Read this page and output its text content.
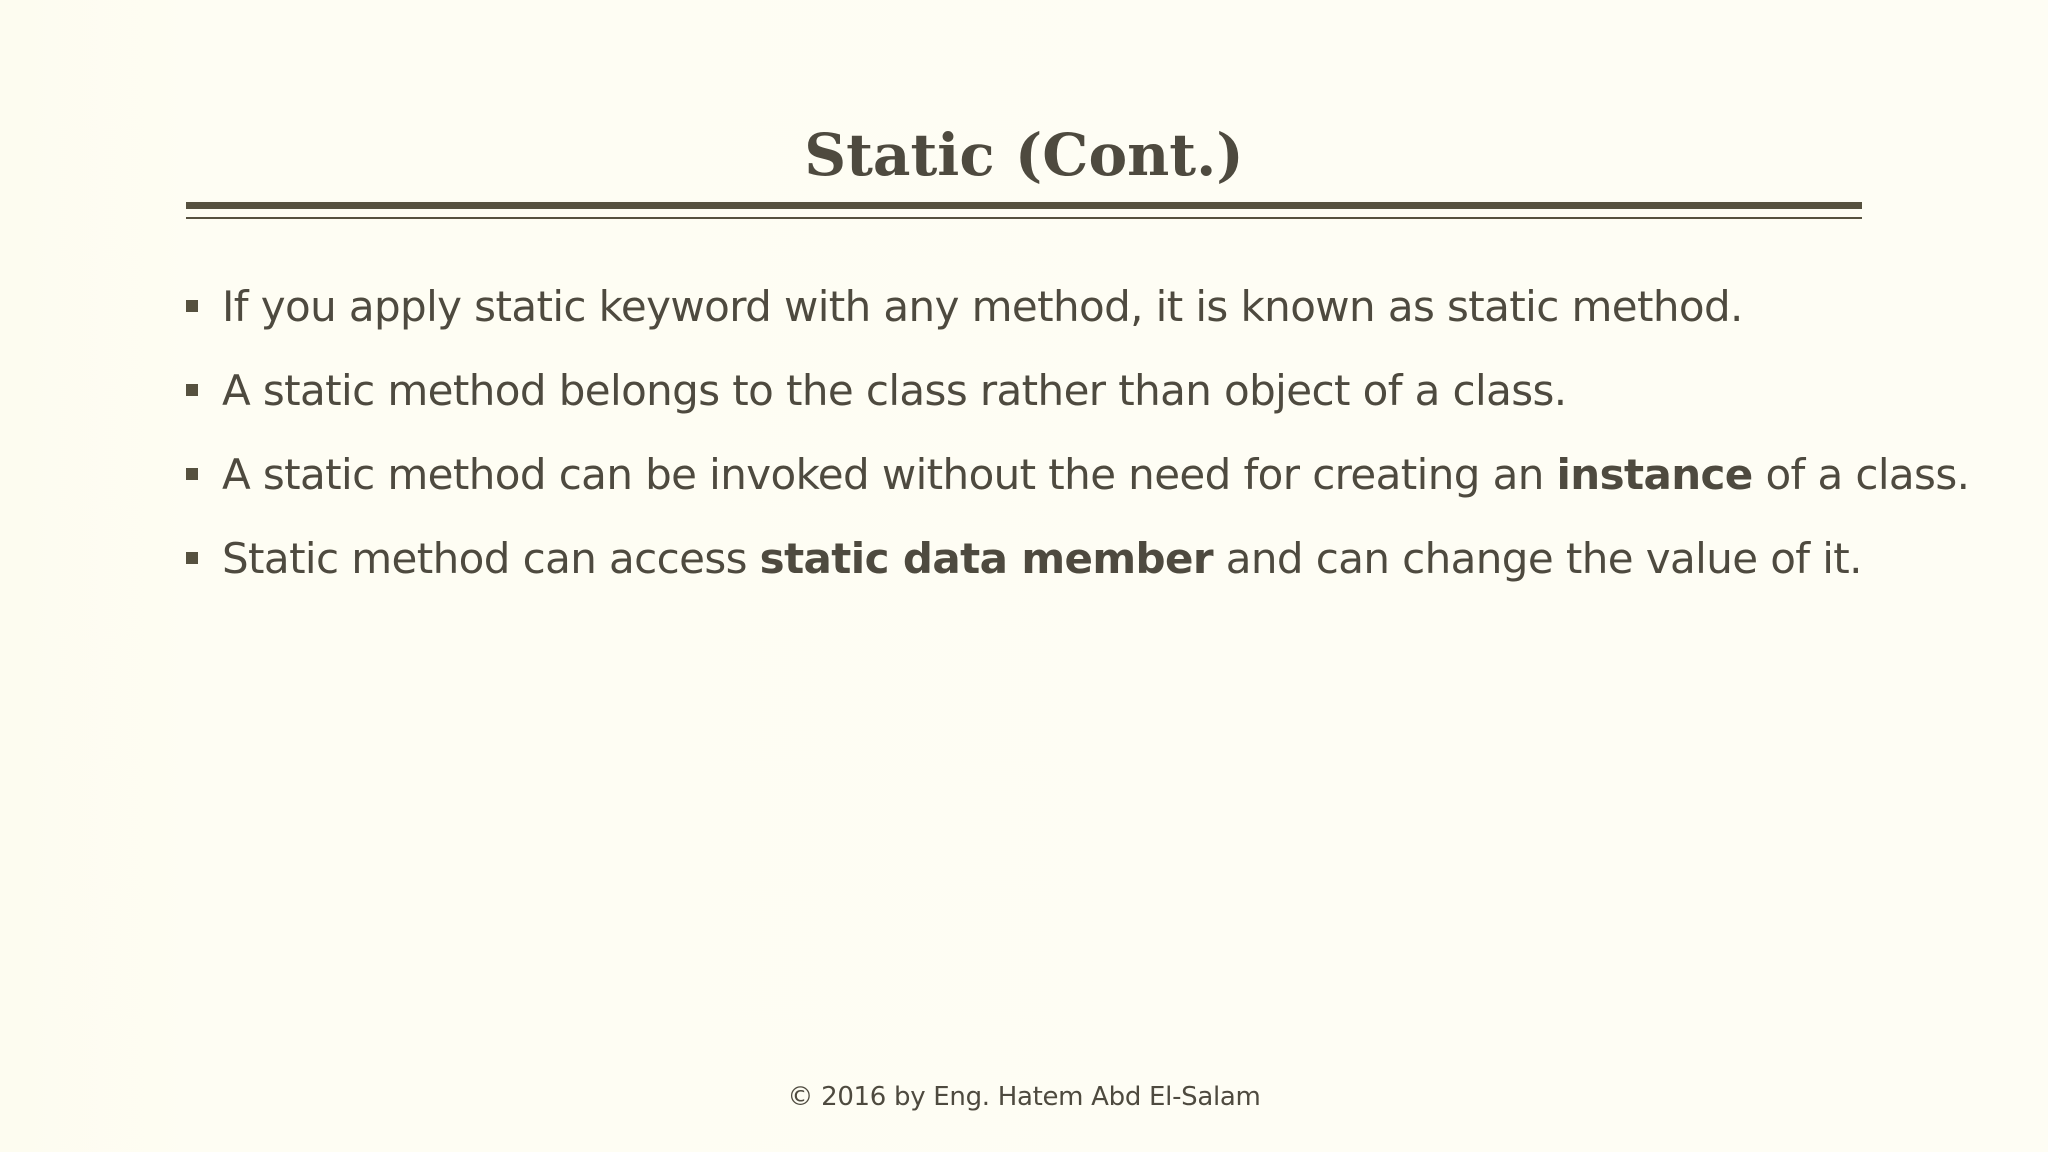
Static (Cont.)
If you apply static keyword with any method, it is known as static method.
A static method belongs to the class rather than object of a class.
A static method can be invoked without the need for creating an instance of a class.
Static method can access static data member and can change the value of it.
© 2016 by Eng. Hatem Abd El-Salam
